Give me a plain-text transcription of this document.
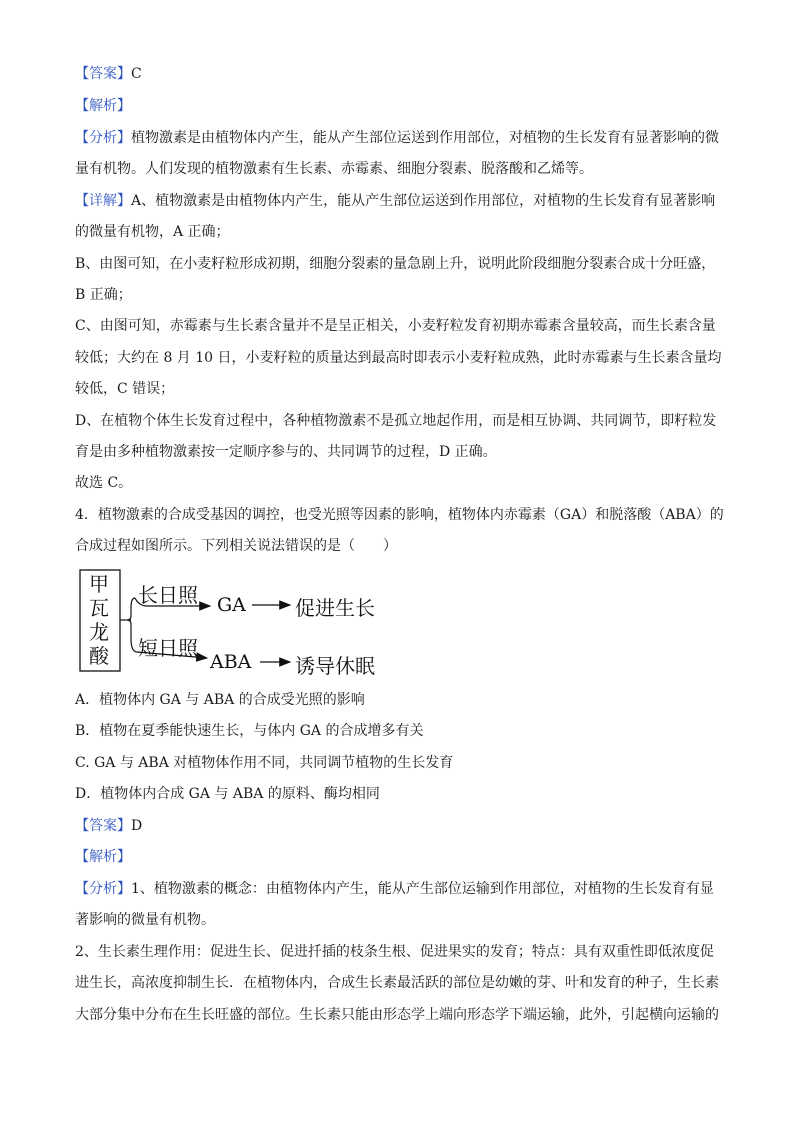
【答案】C
【解析】
【分析】植物激素是由植物体内产生，能从产生部位运送到作用部位，对植物的生长发育有显著影响的微
量有机物。人们发现的植物激素有生长素、赤霉素、细胞分裂素、脱落酸和乙烯等。
【详解】A、植物激素是由植物体内产生，能从产生部位运送到作用部位，对植物的生长发育有显著影响
的微量有机物，A 正确；
B、由图可知，在小麦籽粒形成初期，细胞分裂素的量急剧上升，说明此阶段细胞分裂素合成十分旺盛，
B 正确；
C、由图可知，赤霉素与生长素含量并不是呈正相关，小麦籽粒发育初期赤霉素含量较高，而生长素含量
较低；大约在 8 月 10 日，小麦籽粒的质量达到最高时即表示小麦籽粒成熟，此时赤霉素与生长素含量均
较低，C 错误；
D、在植物个体生长发育过程中，各种植物激素不是孤立地起作用，而是相互协调、共同调节，即籽粒发
育是由多种植物激素按一定顺序参与的、共同调节的过程，D 正确。
故选 C。
4．植物激素的合成受基因的调控，也受光照等因素的影响，植物体内赤霉素（GA）和脱落酸（ABA）的
合成过程如图所示。下列相关说法错误的是（　　）
甲
瓦
龙
酸
长日照 GA 促进生长
短日照
ABA 诱导休眠
A．植物体内 GA 与 ABA 的合成受光照的影响
B．植物在夏季能快速生长，与体内 GA 的合成增多有关
C. GA 与 ABA 对植物体作用不同，共同调节植物的生长发育
D．植物体内合成 GA 与 ABA 的原料、酶均相同
【答案】D
【解析】
【分析】1、植物激素的概念：由植物体内产生，能从产生部位运输到作用部位，对植物的生长发育有显
著影响的微量有机物。
2、生长素生理作用：促进生长、促进扦插的枝条生根、促进果实的发育；特点：具有双重性即低浓度促
进生长，高浓度抑制生长．在植物体内，合成生长素最活跃的部位是幼嫩的芽、叶和发育的种子，生长素
大部分集中分布在生长旺盛的部位。生长素只能由形态学上端向形态学下端运输，此外，引起横向运输的
